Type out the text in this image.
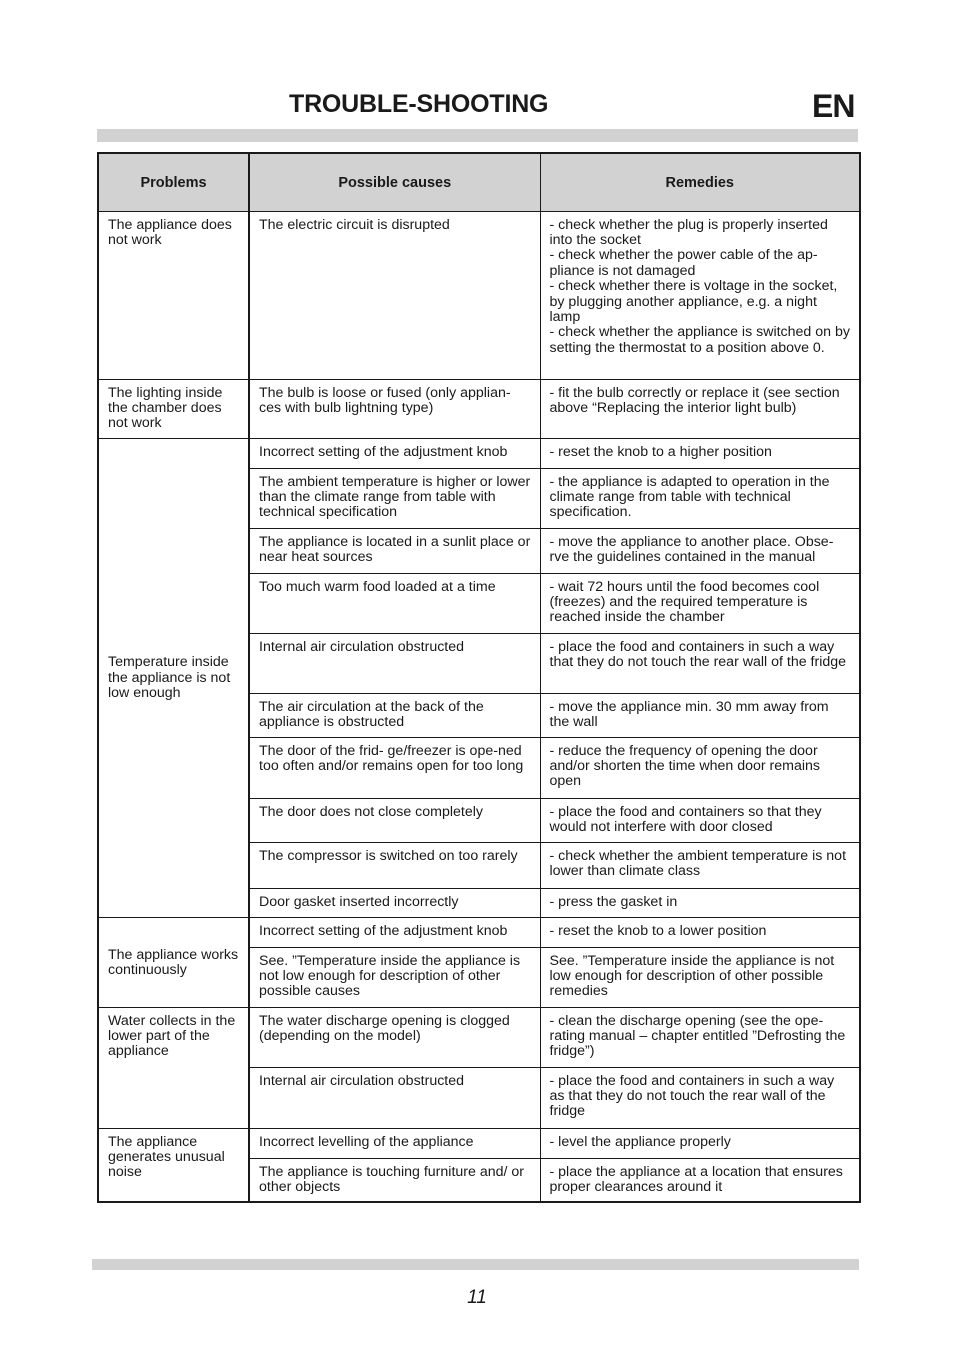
TROUBLE-SHOOTING	EN
Problems	Possible causes	Remedies
The appliance does not work	The electric circuit is disrupted	- check whether the plug is properly inserted into the socket
- check whether the power cable of the ap-pliance is not damaged
- check whether there is voltage in the socket, by plugging another appliance, e.g. a night lamp
- check whether the appliance is switched on by setting the thermostat to a position above 0.
The lighting inside the chamber does not work	The bulb is loose or fused (only applian-ces with bulb lightning type)	- fit the bulb correctly or replace it (see section above “Replacing the interior light bulb)
Temperature inside the appliance is not low enough	Incorrect setting of the adjustment knob	- reset the knob to a higher position
	The ambient temperature is higher or lower than the climate range from table with technical specification	- the appliance is adapted to operation in the climate range from table with technical specification.
	The appliance is located in a sunlit place or near heat sources	- move the appliance to another place. Obse-rve the guidelines contained in the manual
	Too much warm food loaded at a time	- wait 72 hours until the food becomes cool (freezes) and the required temperature is reached inside the chamber
	Internal air circulation obstructed	- place the food and containers in such a way that they do not touch the rear wall of the fridge
	The air circulation at the back of the appliance is obstructed	- move the appliance min. 30 mm away from the wall
	The door of the frid- ge/freezer is ope-ned too often and/or remains open for too long	- reduce the frequency of opening the door and/or shorten the time when door remains open
	The door does not close completely	- place the food and containers so that they would not interfere with door closed
	The compressor is switched on too rarely	- check whether the ambient temperature is not lower than climate class
	Door gasket inserted incorrectly	- press the gasket in
The appliance works continuously	Incorrect setting of the adjustment knob	- reset the knob to a lower position
	See. ”Temperature inside the appliance is not low enough for description of other possible causes	See. ”Temperature inside the appliance is not low enough for description of other possible remedies
Water collects in the lower part of the appliance	The water discharge opening is clogged (depending on the model)	- clean the discharge opening (see the ope-rating manual – chapter entitled ”Defrosting the fridge”)
	Internal air circulation obstructed	- place the food and containers in such a way as that they do not touch the rear wall of the fridge
The appliance generates unusual noise	Incorrect levelling of the appliance	- level the appliance properly
	The appliance is touching furniture and/ or other objects	- place the appliance at a location that ensures proper clearances around it
11
